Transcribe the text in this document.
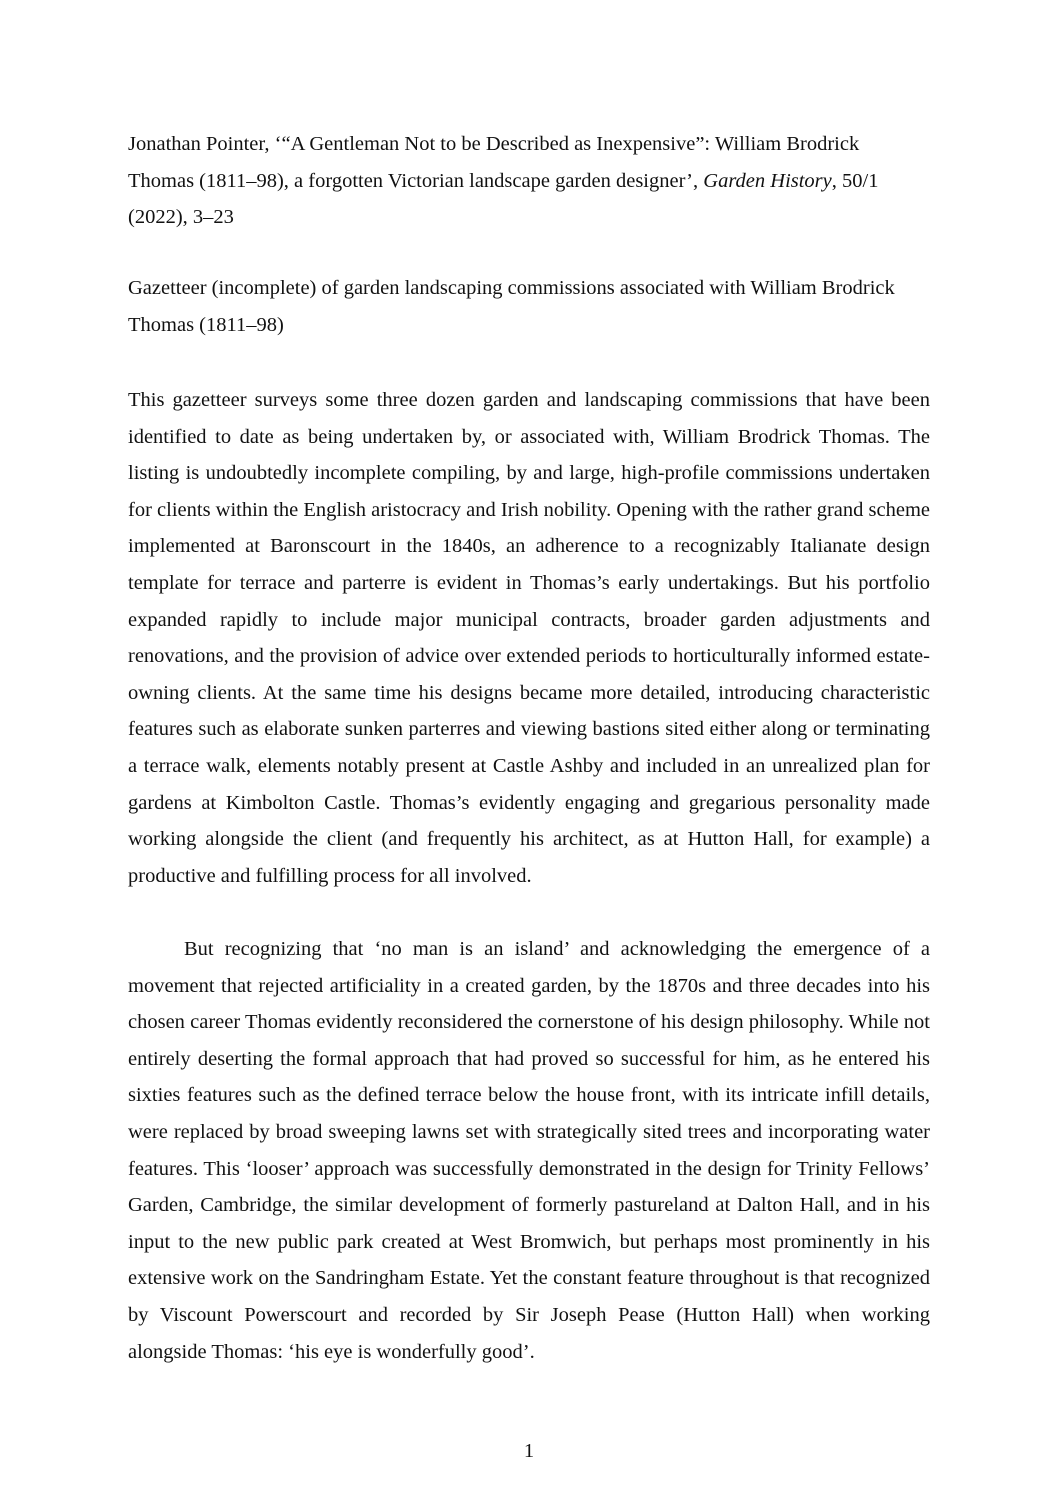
Jonathan Pointer, ‘“A Gentleman Not to be Described as Inexpensive”: William Brodrick Thomas (1811–98), a forgotten Victorian landscape garden designer’, Garden History, 50/1 (2022), 3–23

Gazetteer (incomplete) of garden landscaping commissions associated with William Brodrick Thomas (1811–98)

This gazetteer surveys some three dozen garden and landscaping commissions that have been identified to date as being undertaken by, or associated with, William Brodrick Thomas. The listing is undoubtedly incomplete compiling, by and large, high-profile commissions undertaken for clients within the English aristocracy and Irish nobility. Opening with the rather grand scheme implemented at Baronscourt in the 1840s, an adherence to a recognizably Italianate design template for terrace and parterre is evident in Thomas’s early undertakings. But his portfolio expanded rapidly to include major municipal contracts, broader garden adjustments and renovations, and the provision of advice over extended periods to horticulturally informed estate-owning clients. At the same time his designs became more detailed, introducing characteristic features such as elaborate sunken parterres and viewing bastions sited either along or terminating a terrace walk, elements notably present at Castle Ashby and included in an unrealized plan for gardens at Kimbolton Castle. Thomas’s evidently engaging and gregarious personality made working alongside the client (and frequently his architect, as at Hutton Hall, for example) a productive and fulfilling process for all involved.

But recognizing that ‘no man is an island’ and acknowledging the emergence of a movement that rejected artificiality in a created garden, by the 1870s and three decades into his chosen career Thomas evidently reconsidered the cornerstone of his design philosophy. While not entirely deserting the formal approach that had proved so successful for him, as he entered his sixties features such as the defined terrace below the house front, with its intricate infill details, were replaced by broad sweeping lawns set with strategically sited trees and incorporating water features. This ‘looser’ approach was successfully demonstrated in the design for Trinity Fellows’ Garden, Cambridge, the similar development of formerly pastureland at Dalton Hall, and in his input to the new public park created at West Bromwich, but perhaps most prominently in his extensive work on the Sandringham Estate. Yet the constant feature throughout is that recognized by Viscount Powerscourt and recorded by Sir Joseph Pease (Hutton Hall) when working alongside Thomas: ‘his eye is wonderfully good’.

1
